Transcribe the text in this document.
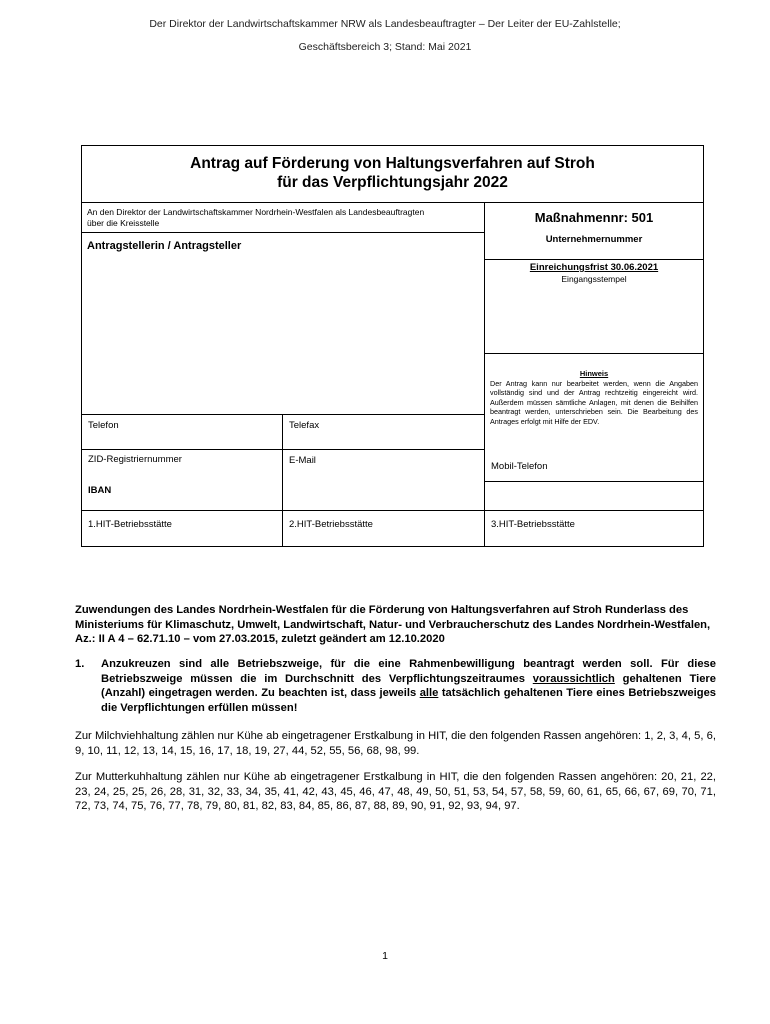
Der Direktor der Landwirtschaftskammer NRW als Landesbeauftragter – Der Leiter der EU-Zahlstelle;
Geschäftsbereich 3; Stand: Mai 2021
Antrag auf Förderung von Haltungsverfahren auf Stroh
für das Verpflichtungsjahr 2022
An den Direktor der Landwirtschaftskammer Nordrhein-Westfalen als Landesbeauftragten über die Kreisstelle
Antragstellerin / Antragsteller
Maßnahmennr: 501
Unternehmernummer
Einreichungsfrist 30.06.2021
Eingangsstempel
Hinweis
Der Antrag kann nur bearbeitet werden, wenn die Angaben vollständig sind und der Antrag rechtzeitig eingereicht wird. Außerdem müssen sämtliche Anlagen, mit denen die Beihilfen beantragt werden, unterschrieben sein. Die Bearbeitung des Antrages erfolgt mit Hilfe der EDV.
Telefon	Telefax
ZID-Registriernummer	E-Mail
Mobil-Telefon
IBAN
1.HIT-Betriebsstätte	2.HIT-Betriebsstätte	3.HIT-Betriebsstätte
Zuwendungen des Landes Nordrhein-Westfalen für die Förderung von Haltungsverfahren auf Stroh Runderlass des Ministeriums für Klimaschutz, Umwelt, Landwirtschaft, Natur- und Verbraucherschutz des Landes Nordrhein-Westfalen, Az.: II A 4 – 62.71.10 – vom 27.03.2015, zuletzt geändert am 12.10.2020
1. Anzukreuzen sind alle Betriebszweige, für die eine Rahmenbewilligung beantragt werden soll. Für diese Betriebszweige müssen die im Durchschnitt des Verpflichtungszeitraumes voraussichtlich gehaltenen Tiere (Anzahl) eingetragen werden. Zu beachten ist, dass jeweils alle tatsächlich gehaltenen Tiere eines Betriebszweiges die Verpflichtungen erfüllen müssen!
Zur Milchviehhaltung zählen nur Kühe ab eingetragener Erstkalbung in HIT, die den folgenden Rassen angehören: 1, 2, 3, 4, 5, 6, 9, 10, 11, 12, 13, 14, 15, 16, 17, 18, 19, 27, 44, 52, 55, 56, 68, 98, 99.
Zur Mutterkuhhaltung zählen nur Kühe ab eingetragener Erstkalbung in HIT, die den folgenden Rassen angehören: 20, 21, 22, 23, 24, 25, 25, 26, 28, 31, 32, 33, 34, 35, 41, 42, 43, 45, 46, 47, 48, 49, 50, 51, 53, 54, 57, 58, 59, 60, 61, 65, 66, 67, 69, 70, 71, 72, 73, 74, 75, 76, 77, 78, 79, 80, 81, 82, 83, 84, 85, 86, 87, 88, 89, 90, 91, 92, 93, 94, 97.
1
